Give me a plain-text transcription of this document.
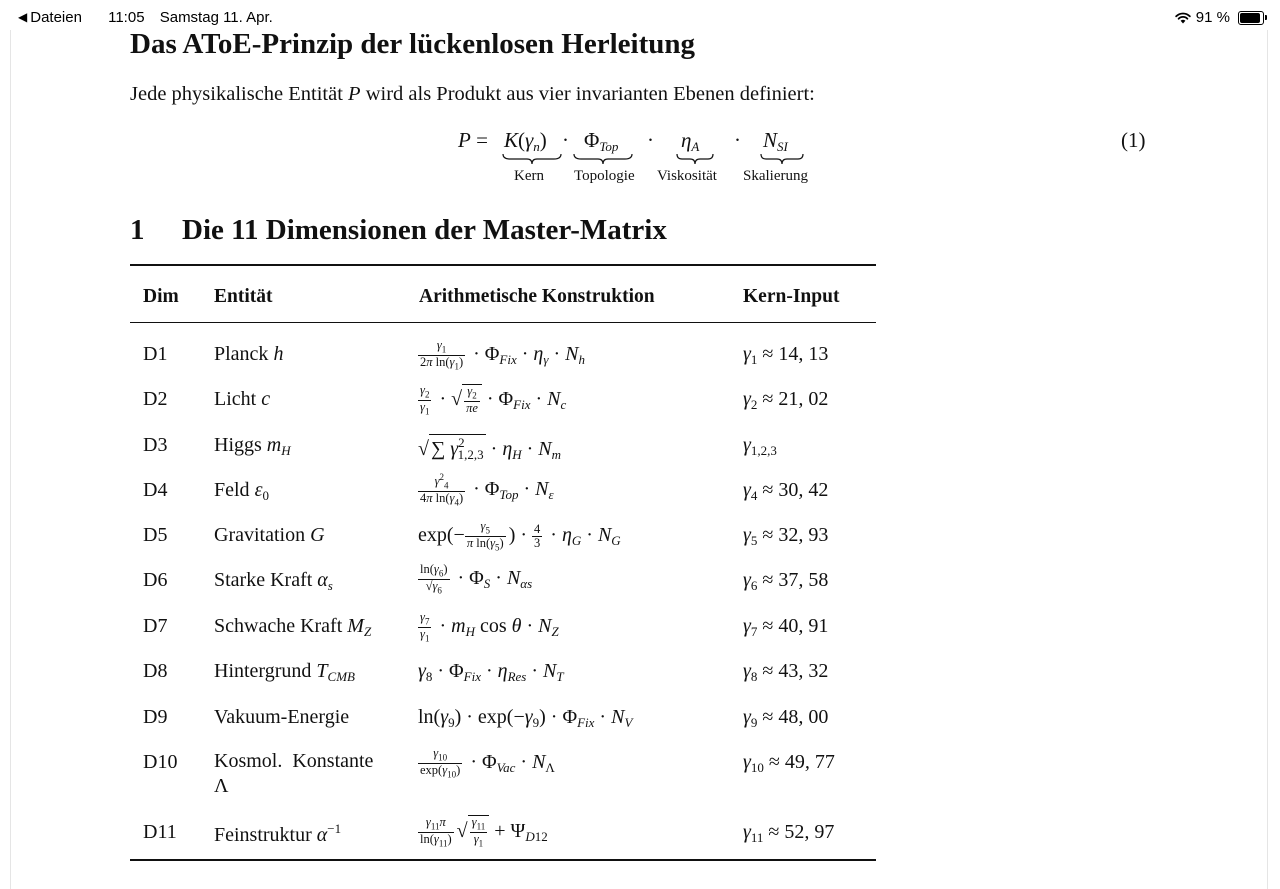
◀ Dateien 11:05 Samstag 11. Apr.	91 %
Das AToE-Prinzip der lückenlosen Herleitung
Jede physikalische Entität P wird als Produkt aus vier invarianten Ebenen definiert:
$P = K(\gamma_n) \cdot \Phi_{Top} \cdot \eta_A \cdot N_{SI}$
Kern Topologie Viskosität Skalierung
(1)
1 Die 11 Dimensionen der Master-Matrix
Dim Entität	Arithmetische Konstruktion	Kern-Input
D1 Planck h	$\frac{\gamma_1}{2\pi \ln(\gamma_1)} \cdot \Phi_{Fix} \cdot \eta_\gamma \cdot N_h$	$\gamma_1 \approx 14$, 13
D2 Licht c	$\frac{\gamma_2}{\gamma_1}$ · √ $\frac{\gamma_2}{\pi e} \cdot \Phi_{Fix} \cdot N_c$	$\gamma_2 \approx 21$, 02
D3 Higgs $m_H$	√ ∑ $\gamma^2_{1,2,3} \cdot \eta_H \cdot N_m$	$\gamma_{1,2,3}$
D4 Feld $\varepsilon_0$	$\frac{\gamma^2_4}{4\pi \ln(\gamma_4)} \cdot \Phi_{Top} \cdot N_\varepsilon$	$\gamma_4 \approx 30$, 42
D5 Gravitation G	$\exp(- \frac{\gamma_5}{\pi \ln(\gamma_5)}$ ) · $\frac{4}{3} \cdot \eta_G \cdot N_G$	$\gamma_5 \approx 32$, 93
D6 Starke Kraft $\alpha_s$	$\frac{\ln(\gamma_6)}{√\gamma_6} \cdot \Phi_S \cdot N_{\alpha s}$	$\gamma_6 \approx 37$, 58
D7 Schwache Kraft $M_Z$	$\frac{\gamma_7}{\gamma_1} \cdot m_H$ $\cos \theta \cdot N_Z$	$\gamma_7 \approx 40$, 91
D8 Hintergrund $T_{CMB}$	$\gamma_8 \cdot \Phi_{Fix} \cdot \eta_{Res} \cdot N_T$	$\gamma_8 \approx 43$, 32
D9 Vakuum-Energie	$\ln(\gamma_9) \cdot \exp(-\gamma_9) \cdot \Phi_{Fix} \cdot N_V$	$\gamma_9 \approx 48$, 00
D10 Kosmol.  Konstante
Λ
$\frac{\gamma_{10}}{\exp(\gamma_{10})} \cdot \Phi_{Vac} \cdot N_\Lambda$	$\gamma_{10} \approx 49$, 77
D11 Feinstruktur $\alpha^{-1}$	$\frac{\gamma_{11}\pi}{\ln(\gamma_{11})}$ √ $\frac{\gamma_{11}}{\gamma_1} + \Psi_{D12}$	$\gamma_{11} \approx 52$, 97
